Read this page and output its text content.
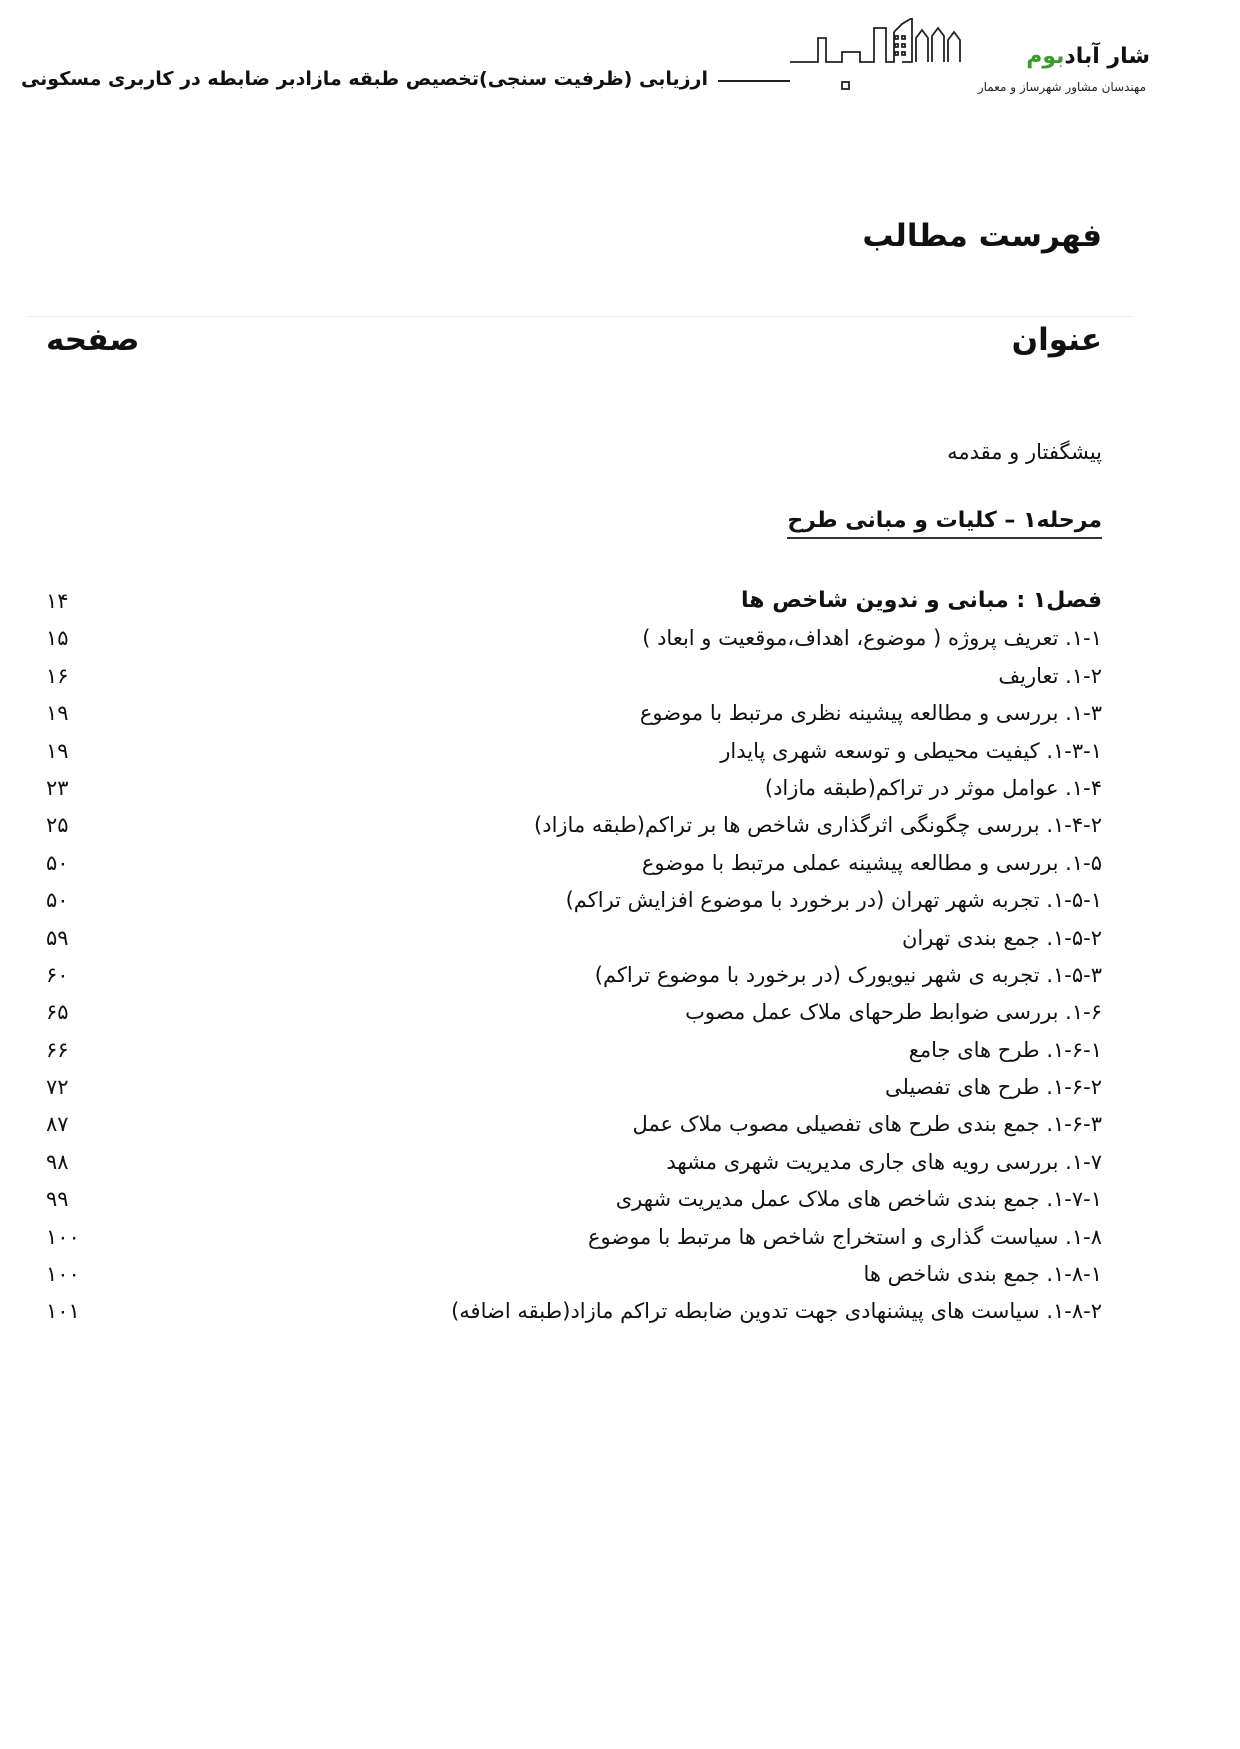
ارزیابی (ظرفیت سنجی)تخصیص طبقه مازادبر ضابطه در کاربری مسکونی
شار آبادبوم
مهندسان مشاور شهرساز و معمار
فهرست مطالب
عنوان
صفحه
پیشگفتار و مقدمه
مرحله۱ – کلیات و مبانی طرح
فصل۱ : مبانی و ندوین شاخص ها
۱۴
۱-۱. تعریف پروژه ( موضوع، اهداف،موقعیت و ابعاد )
۱۵
۱-۲. تعاریف
۱۶
۱-۳. بررسی و مطالعه پیشینه نظری مرتبط با موضوع
۱۹
۱-۳-۱. کیفیت محیطی و توسعه شهری پایدار
۱۹
۱-۴. عوامل موثر در تراکم(طبقه مازاد)
۲۳
۱-۴-۲. بررسی چگونگی اثرگذاری شاخص ها بر تراکم(طبقه مازاد)
۲۵
۱-۵. بررسی و مطالعه پیشینه عملی مرتبط با موضوع
۵۰
۱-۵-۱. تجربه شهر تهران (در برخورد با موضوع افزایش تراکم)
۵۰
۱-۵-۲. جمع بندی تهران
۵۹
۱-۵-۳. تجربه ی شهر نیویورک (در برخورد با موضوع تراکم)
۶۰
۱-۶. بررسی ضوابط طرحهای ملاک عمل مصوب
۶۵
۱-۶-۱. طرح های جامع
۶۶
۱-۶-۲. طرح های تفصیلی
۷۲
۱-۶-۳. جمع بندی طرح های تفصیلی مصوب ملاک عمل
۸۷
۱-۷. بررسی رویه های جاری مدیریت شهری مشهد
۹۸
۱-۷-۱. جمع بندی شاخص های ملاک عمل مدیریت شهری
۹۹
۱-۸. سیاست گذاری و استخراج شاخص ها مرتبط با موضوع
۱۰۰
۱-۸-۱. جمع بندی شاخص ها
۱۰۰
۱-۸-۲. سیاست های پیشنهادی جهت تدوین ضابطه تراکم مازاد(طبقه اضافه)
۱۰۱
